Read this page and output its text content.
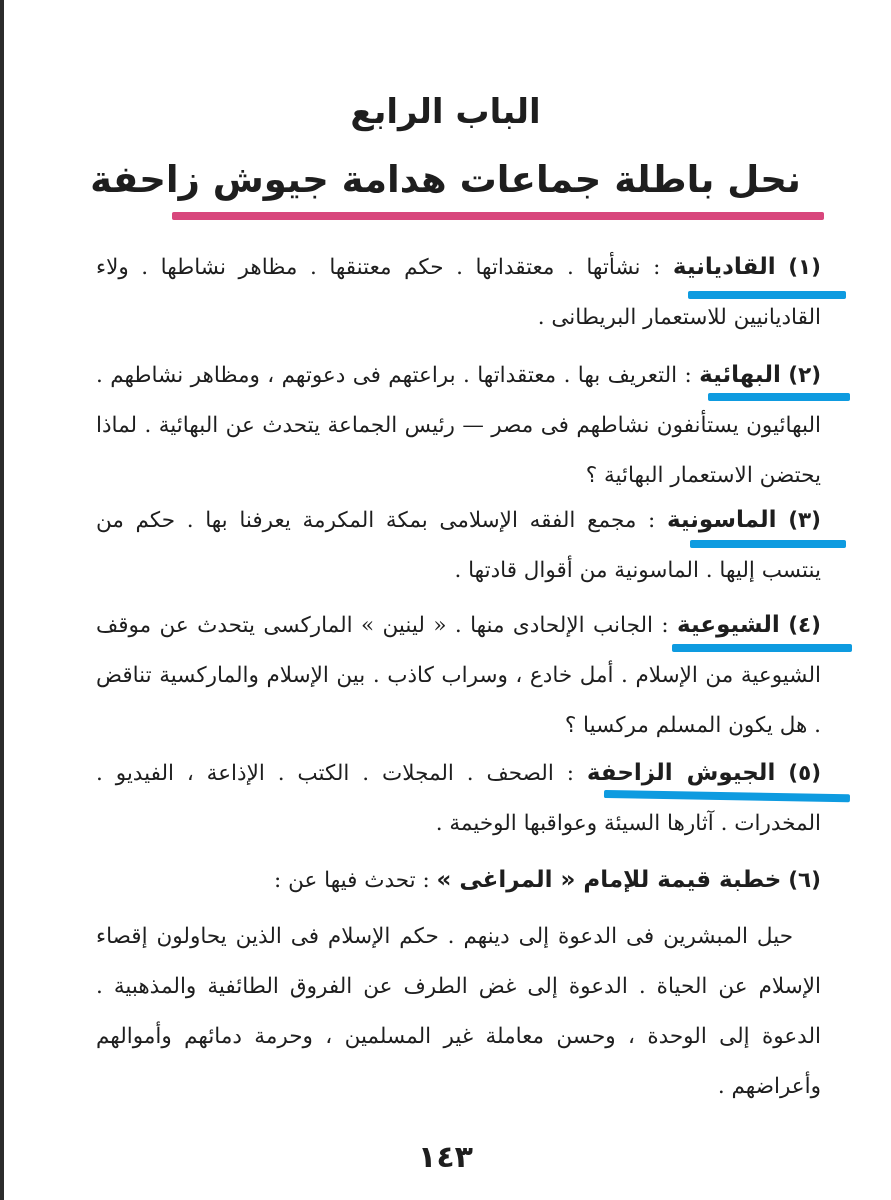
الباب الرابع
نحل باطلة جماعات هدامة جيوش زاحفة

(١) القاديانية : نشأتها . معتقداتها . حكم معتنقها . مظاهر نشاطها . ولاء القاديانيين للاستعمار البريطانى .

(٢) البهائية : التعريف بها . معتقداتها . براعتهم فى دعوتهم ، ومظاهر نشاطهم . البهائيون يستأنفون نشاطهم فى مصر — رئيس الجماعة يتحدث عن البهائية . لماذا يحتضن الاستعمار البهائية ؟

(٣) الماسونية : مجمع الفقه الإسلامى بمكة المكرمة يعرفنا بها . حكم من ينتسب إليها . الماسونية من أقوال قادتها .

(٤) الشيوعية : الجانب الإلحادى منها . « لينين » الماركسى يتحدث عن موقف الشيوعية من الإسلام . أمل خادع ، وسراب كاذب . بين الإسلام والماركسية تناقض . هل يكون المسلم مركسيا ؟

(٥) الجيوش الزاحفة : الصحف . المجلات . الكتب . الإذاعة ، الفيديو . المخدرات . آثارها السيئة وعواقبها الوخيمة .

(٦) خطبة قيمة للإمام « المراغى » : تحدث فيها عن :

حيل المبشرين فى الدعوة إلى دينهم . حكم الإسلام فى الذين يحاولون إقصاء الإسلام عن الحياة . الدعوة إلى غض الطرف عن الفروق الطائفية والمذهبية . الدعوة إلى الوحدة ، وحسن معاملة غير المسلمين ، وحرمة دمائهم وأموالهم وأعراضهم .

١٤٣
